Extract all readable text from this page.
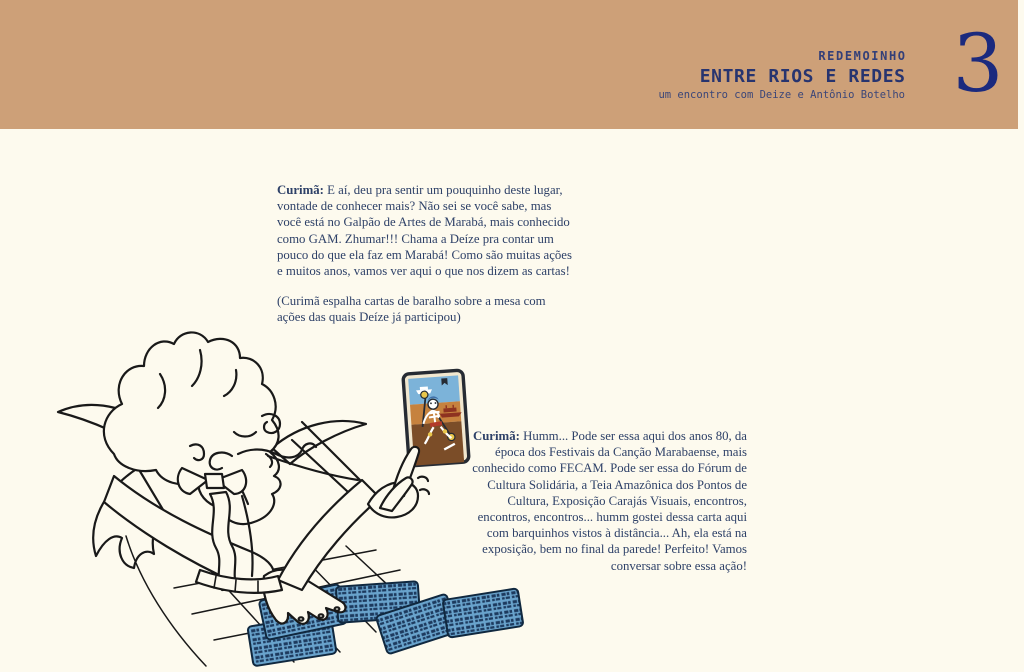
REDEMOINHO
ENTRE RIOS E REDES
um encontro com Deize e Antônio Botelho 3
Curimã: E aí, deu pra sentir um pouquinho deste lugar,
vontade de conhecer mais? Não sei se você sabe, mas
você está no Galpão de Artes de Marabá, mais conhecido
como GAM. Zhumar!!! Chama a Deíze pra contar um
pouco do que ela faz em Marabá! Como são muitas ações
e muitos anos, vamos ver aqui o que nos dizem as cartas!
(Curimã espalha cartas de baralho sobre a mesa com
ações das quais Deíze já participou)
Curimã: Humm... Pode ser essa aqui dos anos 80, da
época dos Festivais da Canção Marabaense, mais
conhecido como FECAM. Pode ser essa do Fórum de
Cultura Solidária, a Teia Amazônica dos Pontos de
Cultura, Exposição Carajás Visuais, encontros,
encontros, encontros... humm gostei dessa carta aqui
com barquinhos vistos à distância... Ah, ela está na
exposição, bem no final da parede! Perfeito! Vamos
conversar sobre essa ação!
